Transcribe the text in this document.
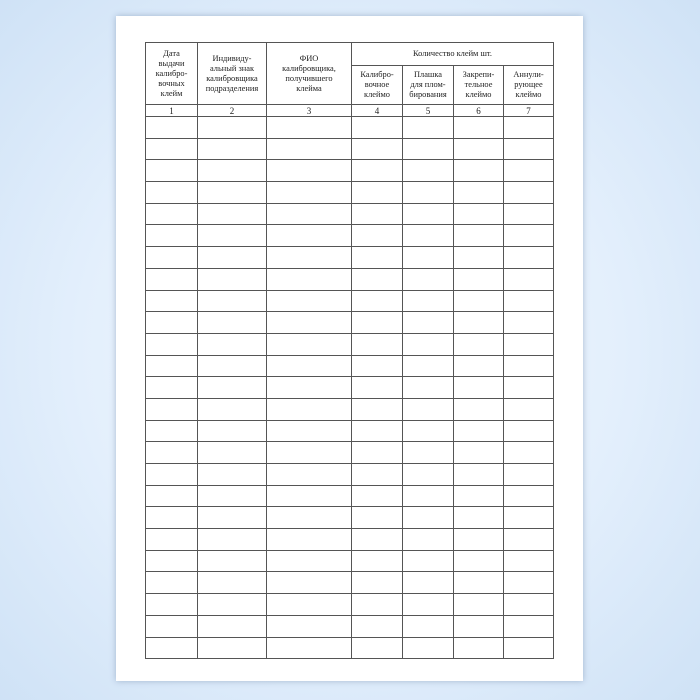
Дата
выдачи
калибро-
вочных
клейм	Индивиду-
альный знак
калибровщика
подразделения	ФИО
калибровщика,
получившего
клейма	Количество клейм шт.			
			Калибро-
вочное
клеймо	Плашка
для плом-
бирования	Закрепи-
тельное
клеймо	Аннули-
рующее
клеймо
1	2	3	4	5	6	7
